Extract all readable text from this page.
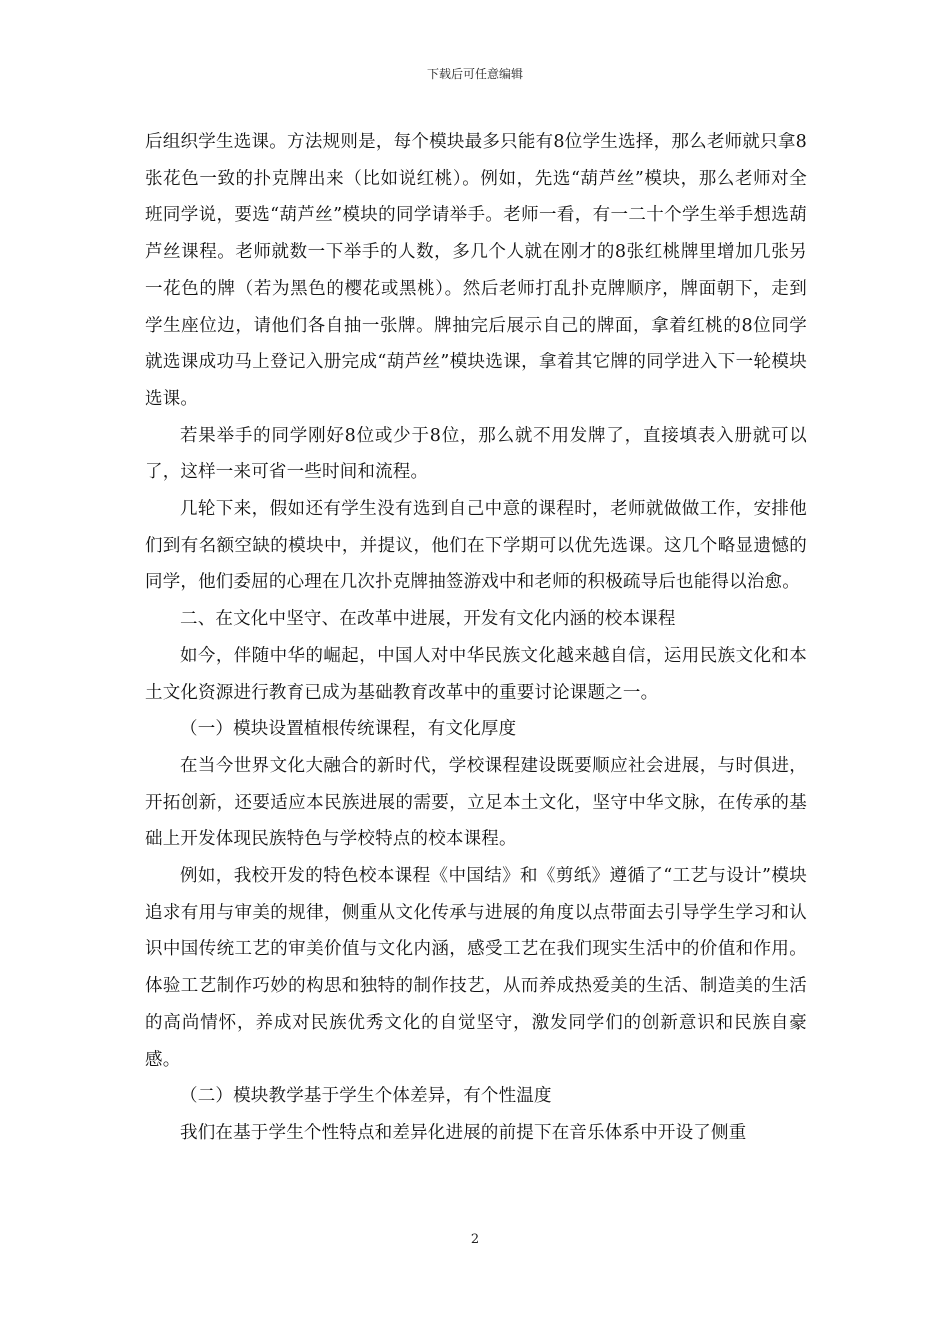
下载后可任意编辑

后组织学生选课。方法规则是，每个模块最多只能有8位学生选择，那么老师就只拿8张花色一致的扑克牌出来（比如说红桃）。例如，先选“葫芦丝”模块，那么老师对全班同学说，要选“葫芦丝”模块的同学请举手。老师一看，有一二十个学生举手想选葫芦丝课程。老师就数一下举手的人数，多几个人就在刚才的8张红桃牌里增加几张另一花色的牌（若为黑色的樱花或黑桃）。然后老师打乱扑克牌顺序，牌面朝下，走到学生座位边，请他们各自抽一张牌。牌抽完后展示自己的牌面，拿着红桃的8位同学就选课成功马上登记入册完成“葫芦丝”模块选课，拿着其它牌的同学进入下一轮模块选课。

若果举手的同学刚好8位或少于8位，那么就不用发牌了，直接填表入册就可以了，这样一来可省一些时间和流程。

几轮下来，假如还有学生没有选到自己中意的课程时，老师就做做工作，安排他们到有名额空缺的模块中，并提议，他们在下学期可以优先选课。这几个略显遗憾的同学，他们委屈的心理在几次扑克牌抽签游戏中和老师的积极疏导后也能得以治愈。

二、在文化中坚守、在改革中进展，开发有文化内涵的校本课程

如今，伴随中华的崛起，中国人对中华民族文化越来越自信，运用民族文化和本土文化资源进行教育已成为基础教育改革中的重要讨论课题之一。

（一）模块设置植根传统课程，有文化厚度

在当今世界文化大融合的新时代，学校课程建设既要顺应社会进展，与时俱进，开拓创新，还要适应本民族进展的需要，立足本土文化，坚守中华文脉，在传承的基础上开发体现民族特色与学校特点的校本课程。

例如，我校开发的特色校本课程《中国结》和《剪纸》遵循了“工艺与设计”模块追求有用与审美的规律，侧重从文化传承与进展的角度以点带面去引导学生学习和认识中国传统工艺的审美价值与文化内涵，感受工艺在我们现实生活中的价值和作用。体验工艺制作巧妙的构思和独特的制作技艺，从而养成热爱美的生活、制造美的生活的高尚情怀，养成对民族优秀文化的自觉坚守，激发同学们的创新意识和民族自豪感。

（二）模块教学基于学生个体差异，有个性温度

我们在基于学生个性特点和差异化进展的前提下在音乐体系中开设了侧重

2
